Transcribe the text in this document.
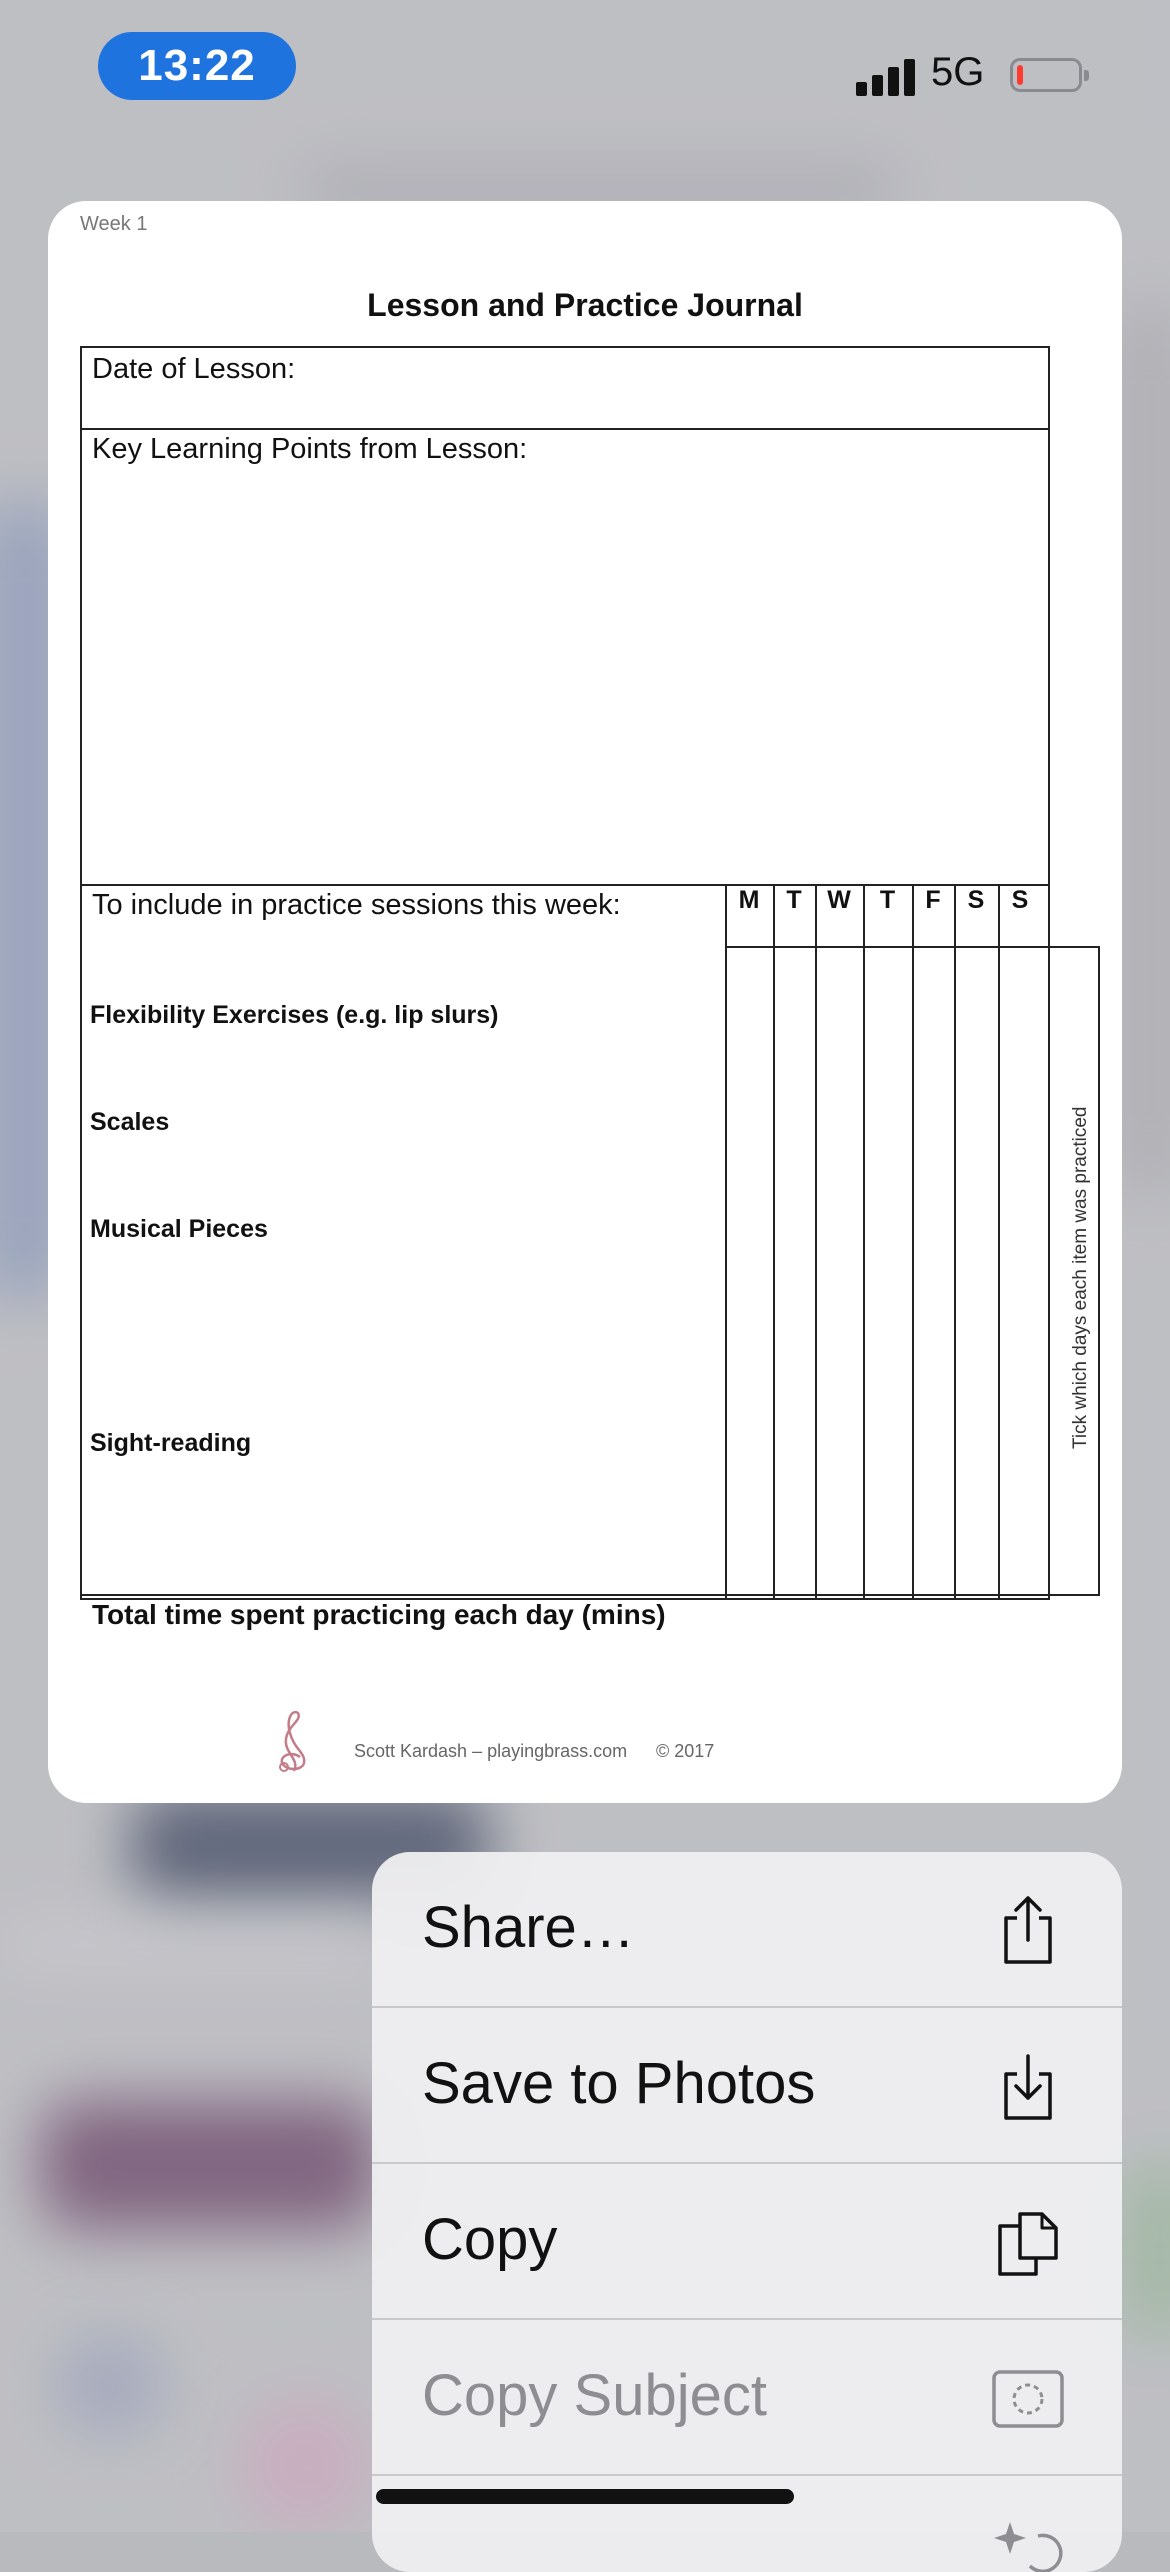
13:22	5G
Week 1
Lesson and Practice Journal
Date of Lesson:
Key Learning Points from Lesson:
To include in practice sessions this week:	M	T	W	T	F	S	S
Flexibility Exercises (e.g. lip slurs)
Scales
Musical Pieces
Sight-reading	Tick which days each item was practiced
Total time spent practicing each day (mins)
Scott Kardash – playingbrass.com © 2017
Share…
Save to Photos
Copy
Copy Subject
